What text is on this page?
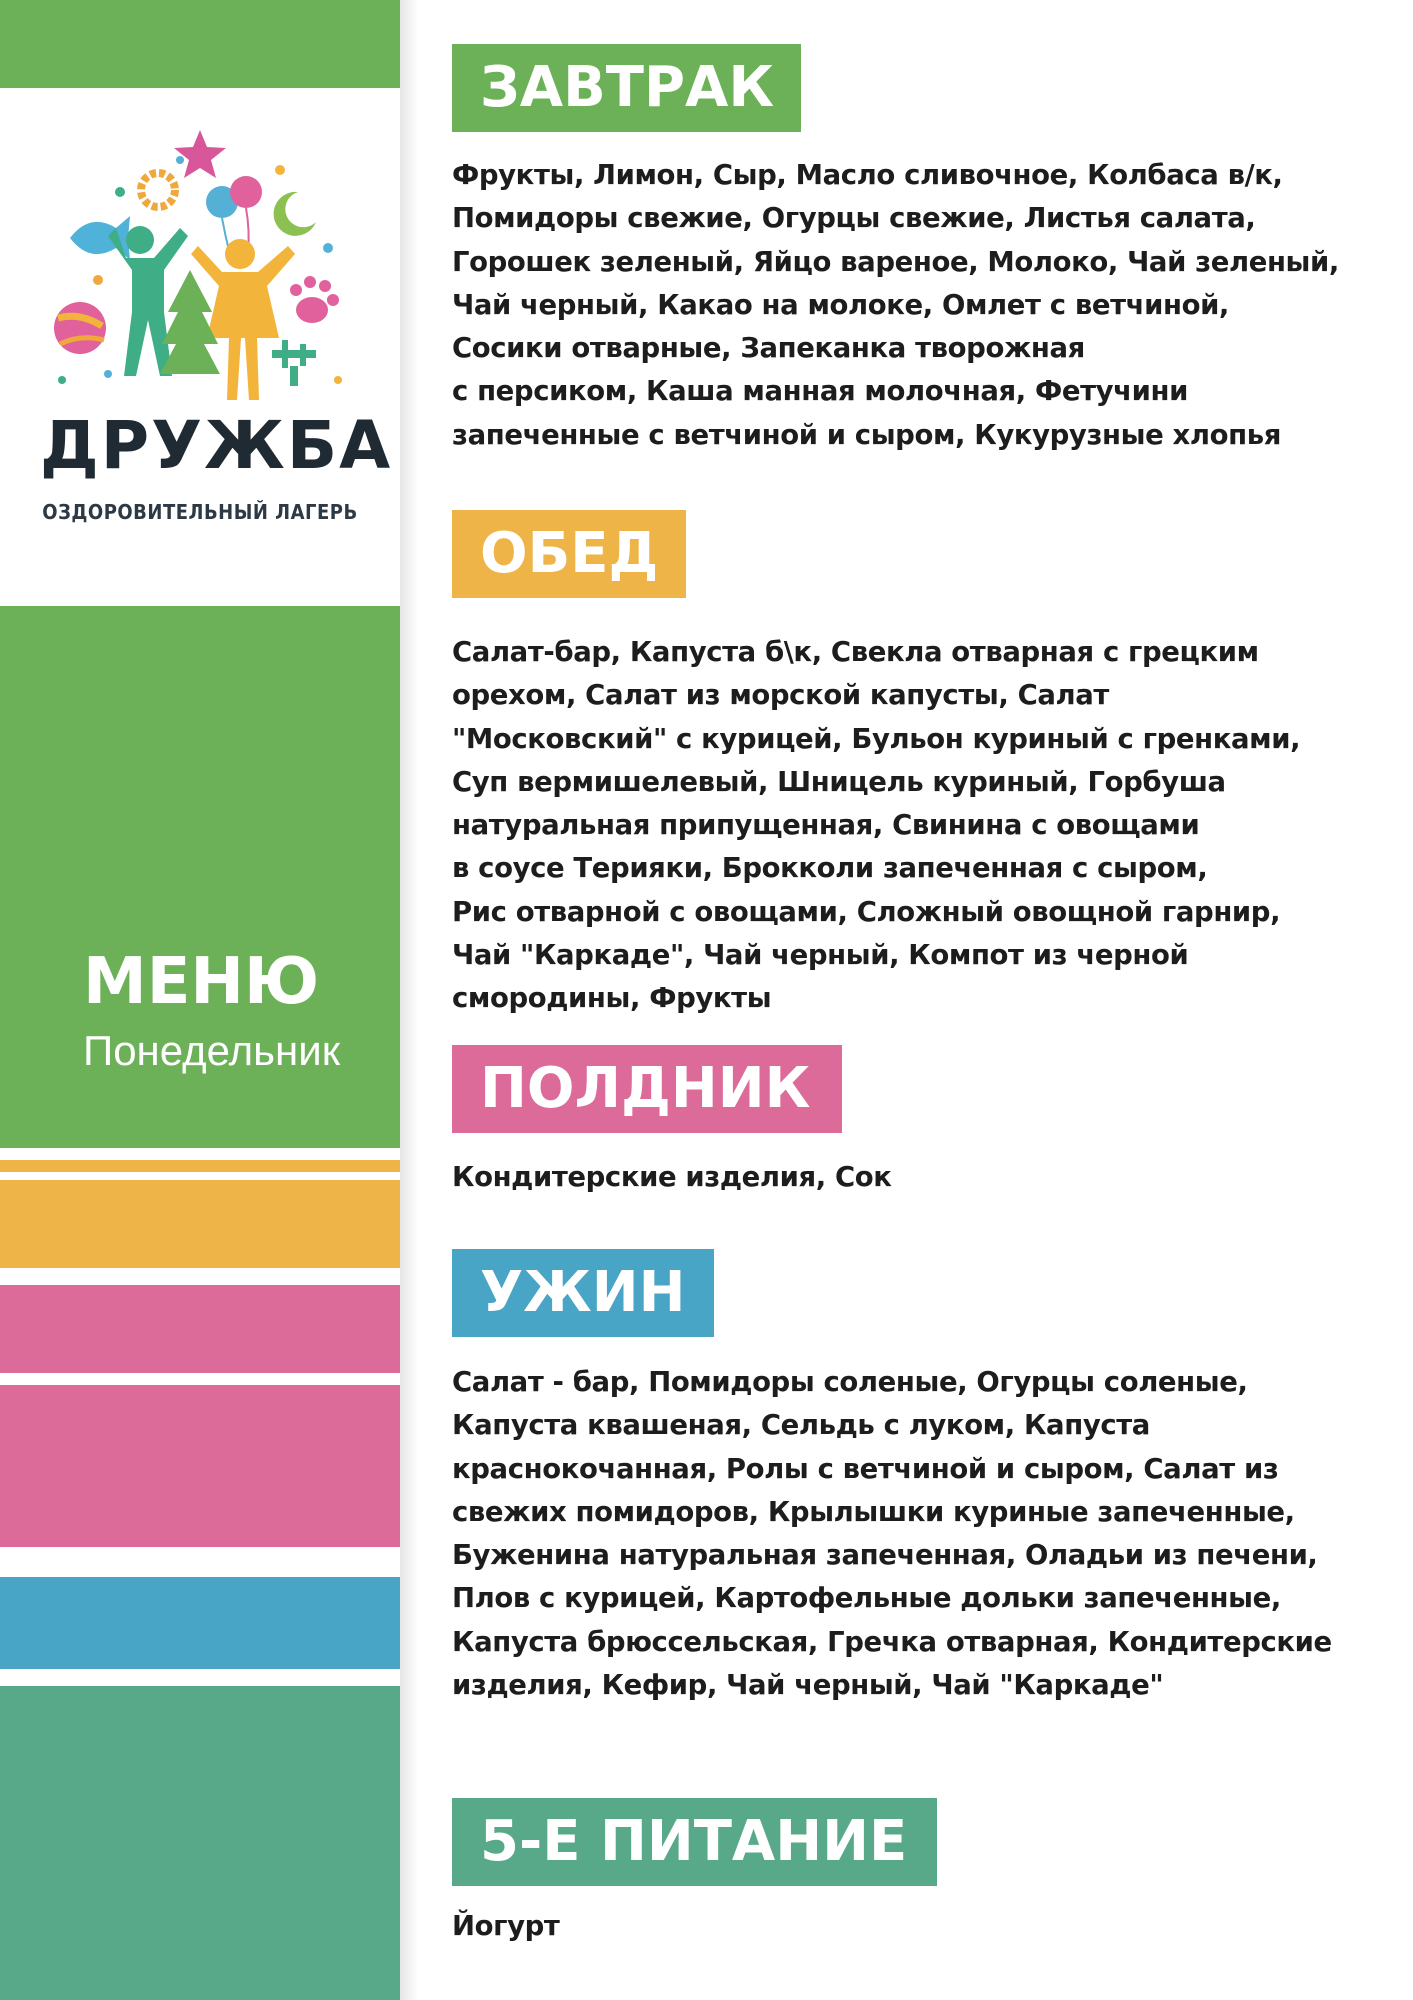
ДРУЖБА
ОЗДОРОВИТЕЛЬНЫЙ ЛАГЕРЬ
МЕНЮ
Понедельник
ЗАВТРАК
Фрукты, Лимон, Сыр, Масло сливочное, Колбаса в/к,
Помидоры свежие, Огурцы свежие, Листья салата,
Горошек зеленый, Яйцо вареное, Молоко, Чай зеленый,
Чай черный, Какао на молоке, Омлет с ветчиной,
Сосики отварные, Запеканка творожная
с персиком, Каша манная молочная, Фетучини
запеченные с ветчиной и сыром, Кукурузные хлопья
ОБЕД
Салат-бар, Капуста б\к, Свекла отварная с грецким
орехом, Салат из морской капусты, Салат
"Московский" с курицей, Бульон куриный с гренками,
Суп вермишелевый, Шницель куриный, Горбуша
натуральная припущенная, Свинина с овощами
в соусе Терияки, Брокколи запеченная с сыром,
Рис отварной с овощами, Сложный овощной гарнир,
Чай "Каркаде", Чай черный, Компот из черной
смородины, Фрукты
ПОЛДНИК
Кондитерские изделия, Сок
УЖИН
Салат - бар, Помидоры соленые, Огурцы соленые,
Капуста квашеная, Сельдь с луком, Капуста
краснокочанная, Ролы с ветчиной и сыром, Салат из
свежих помидоров, Крылышки куриные запеченные,
Буженина натуральная запеченная, Оладьи из печени,
Плов с курицей, Картофельные дольки запеченные,
Капуста брюссельская, Гречка отварная, Кондитерские
изделия, Кефир, Чай черный, Чай "Каркаде"
5-Е ПИТАНИЕ
Йогурт
